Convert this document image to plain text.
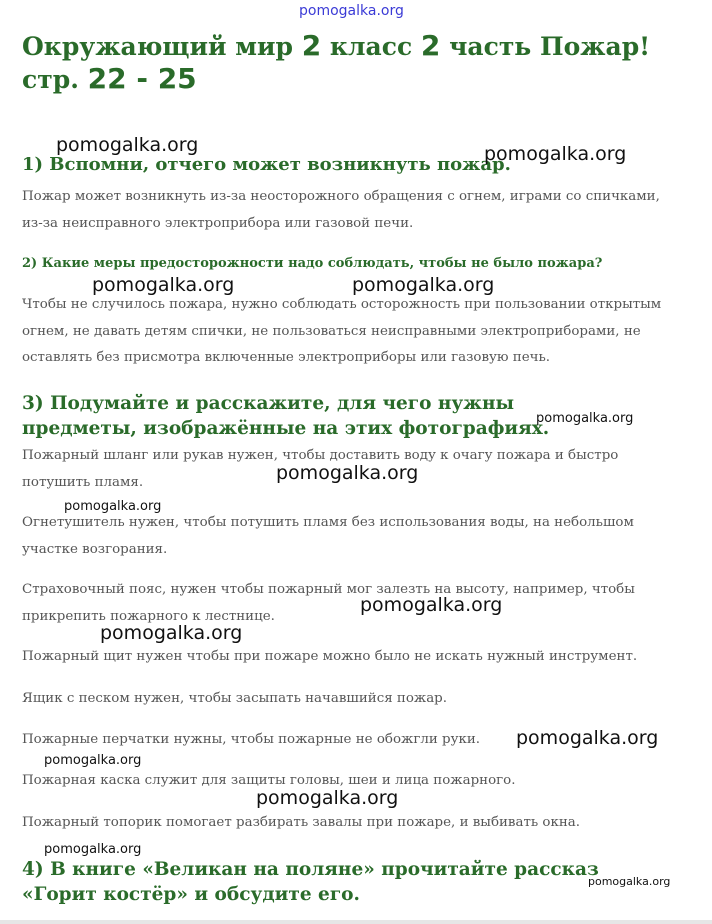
pomogalka.org
Окружающий мир 2 класс 2 часть Пожар! стр. 22 - 25
1) Вспомни, отчего может возникнуть пожар.

Пожар может возникнуть из-за неосторожного обращения с огнем, играми со спичками, из-за неисправного электроприбора или газовой печи.

2) Какие меры предосторожности надо соблюдать, чтобы не было пожара?

Чтобы не случилось пожара, нужно соблюдать осторожность при пользовании открытым огнем, не давать детям спички, не пользоваться неисправными электроприборами, не оставлять без присмотра включенные электроприборы или газовую печь.

3) Подумайте и расскажите, для чего нужны предметы, изображённые на этих фотографиях.

Пожарный шланг или рукав нужен, чтобы доставить воду к очагу пожара и быстро потушить пламя.

Огнетушитель нужен, чтобы потушить пламя без использования воды, на небольшом участке возгорания.

Страховочный пояс, нужен чтобы пожарный мог залезть на высоту, например, чтобы прикрепить пожарного к лестнице.

Пожарный щит нужен чтобы при пожаре можно было не искать нужный инструмент.

Ящик с песком нужен, чтобы засыпать начавшийся пожар.

Пожарные перчатки нужны, чтобы пожарные не обожгли руки.

Пожарная каска служит для защиты головы, шеи и лица пожарного.

Пожарный топорик помогает разбирать завалы при пожаре, и выбивать окна.

4) В книге «Великан на поляне» прочитайте рассказ «Горит костёр» и обсудите его.
pomogalka.org	pomogalka.org
pomogalka.org	pomogalka.org
pomogalka.org
pomogalka.org
pomogalka.org
pomogalka.org
pomogalka.org
pomogalka.org
pomogalka.org
pomogalka.org
pomogalka.org
pomogalka.org
